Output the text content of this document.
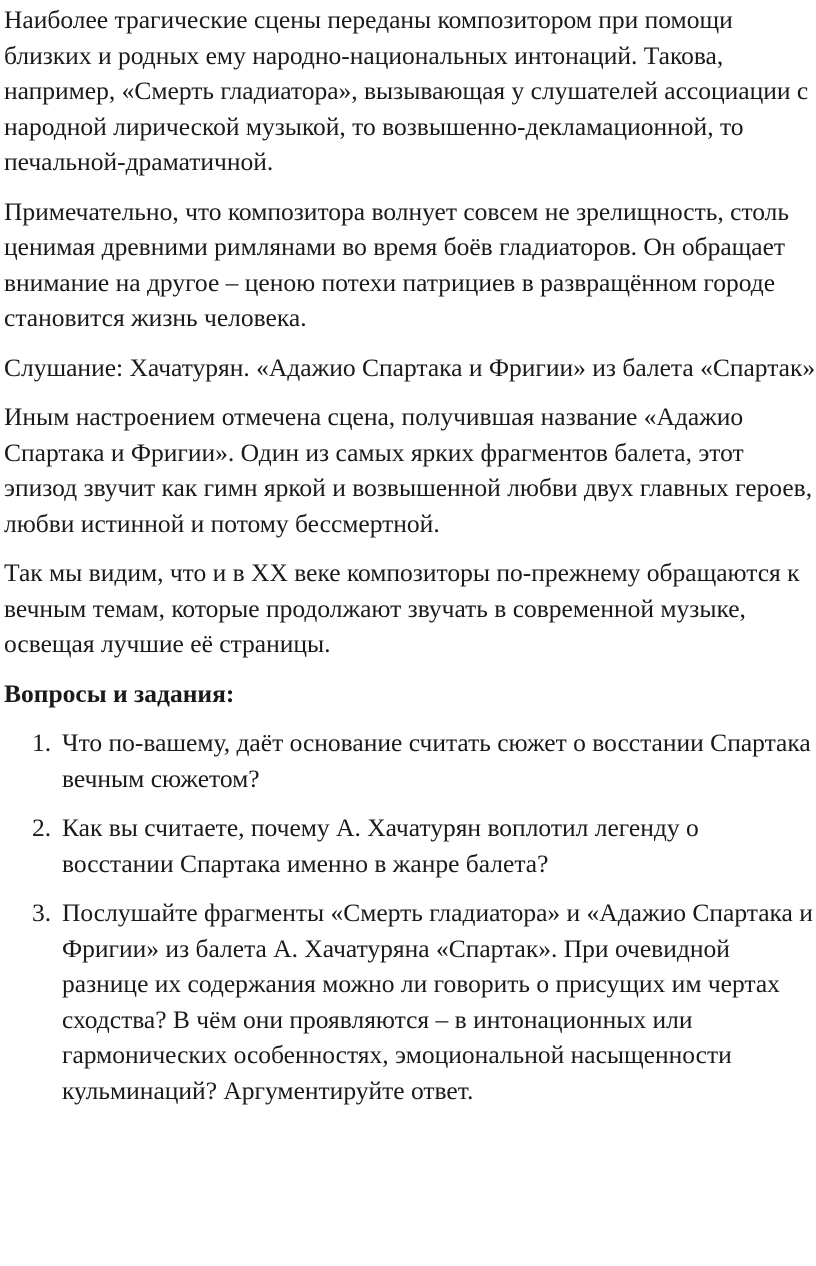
Наиболее трагические сцены переданы композитором при помощи близких и родных ему народно-национальных интонаций. Такова, например, «Смерть гладиатора», вызывающая у слушателей ассоциации с народной лирической музыкой, то возвышенно-декламационной, то печальной-драматичной.

Примечательно, что композитора волнует совсем не зрелищность, столь ценимая древними римлянами во время боёв гладиаторов. Он обращает внимание на другое – ценою потехи патрициев в развращённом городе становится жизнь человека.

Слушание: Хачатурян. «Адажио Спартака и Фригии» из балета «Спартак»

Иным настроением отмечена сцена, получившая название «Адажио Спартака и Фригии». Один из самых ярких фрагментов балета, этот эпизод звучит как гимн яркой и возвышенной любви двух главных героев, любви истинной и потому бессмертной.

Так мы видим, что и в XX веке композиторы по-прежнему обращаются к вечным темам, которые продолжают звучать в современной музыке, освещая лучшие её страницы.

Вопросы и задания:
1. Что по-вашему, даёт основание считать сюжет о восстании Спартака вечным сюжетом?
2. Как вы считаете, почему А. Хачатурян воплотил легенду о восстании Спартака именно в жанре балета?
3. Послушайте фрагменты «Смерть гладиатора» и «Адажио Спартака и Фригии» из балета А. Хачатуряна «Спартак». При очевидной разнице их содержания можно ли говорить о присущих им чертах сходства? В чём они проявляются – в интонационных или гармонических особенностях, эмоциональной насыщенности кульминаций? Аргументируйте ответ.
